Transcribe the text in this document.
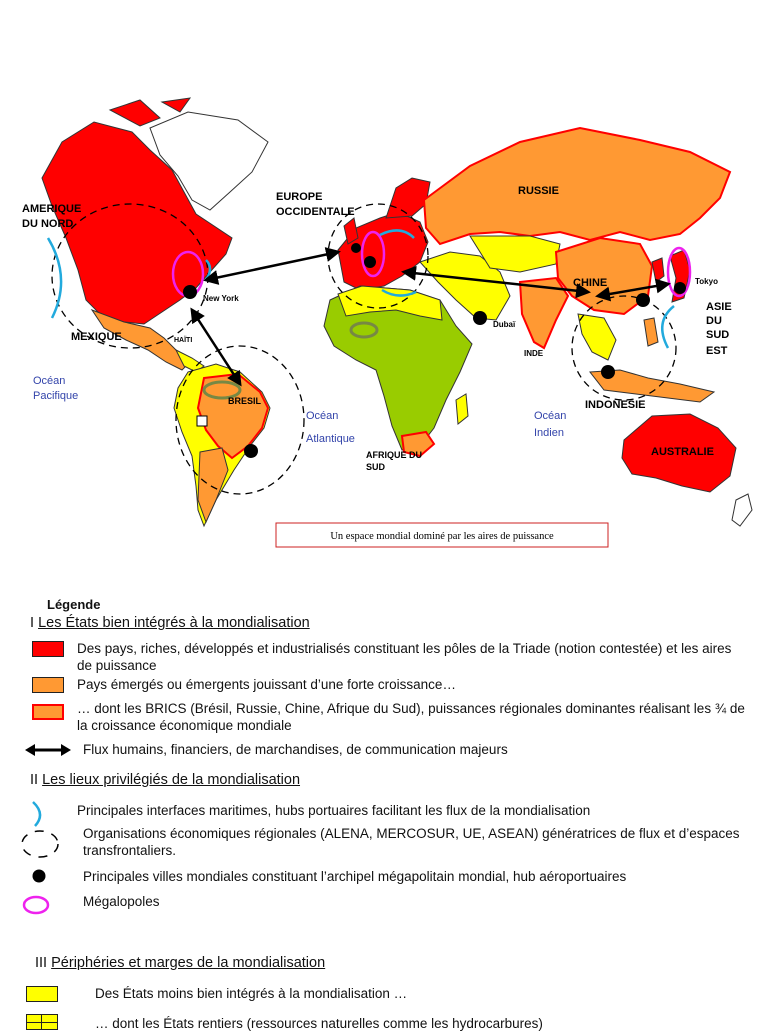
AMERIQUE
DU NORD
EUROPE
OCCIDENTALE
RUSSIE
CHINE
ASIE
DU
SUD
EST
MEXIQUE
BRESIL
AUSTRALIE
INDONESIE
AFRIQUE DU
SUD
New York
Tokyo
Dubaï
INDE
HAÏTI
Océan
Pacifique
Océan
Atlantique
Océan
Indien
Un espace mondial dominé par les aires de puissance
Légende
I Les États bien intégrés à la mondialisation
Des pays, riches, développés et industrialisés constituant les pôles de la Triade (notion contestée) et les aires de puissance
Pays émergés ou émergents jouissant d’une forte croissance…
… dont les BRICS (Brésil, Russie, Chine, Afrique du Sud), puissances régionales dominantes réalisant les ¾ de la croissance économique mondiale
Flux humains, financiers, de marchandises, de communication majeurs
II Les lieux privilégiés de la mondialisation
Principales interfaces maritimes, hubs portuaires facilitant les flux de la mondialisation
Organisations économiques régionales (ALENA, MERCOSUR, UE, ASEAN) génératrices de flux et d’espaces transfrontaliers.
Principales villes mondiales constituant l’archipel mégapolitain mondial, hub aéroportuaires
Mégalopoles
III Périphéries et marges de la mondialisation
Des États moins bien intégrés à la mondialisation …
… dont les États rentiers (ressources naturelles comme les hydrocarbures)
